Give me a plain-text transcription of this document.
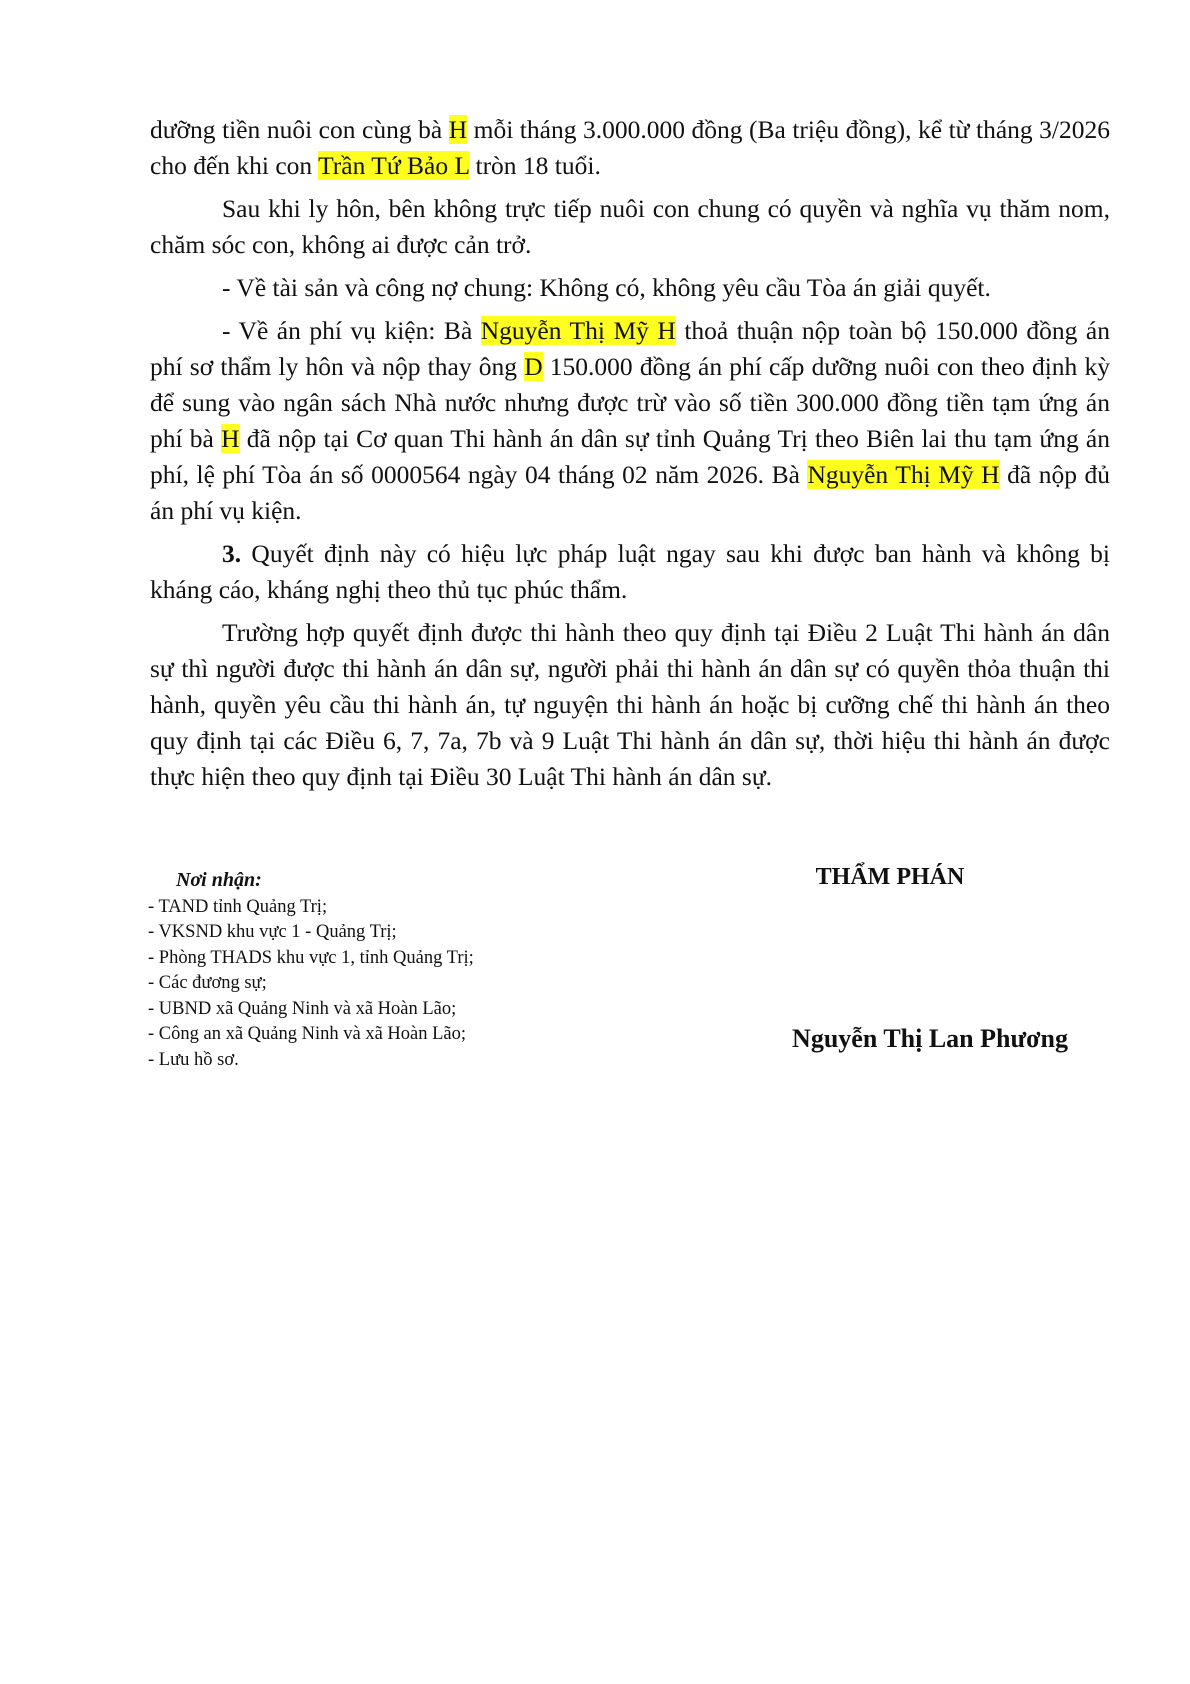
dưỡng tiền nuôi con cùng bà H mỗi tháng 3.000.000 đồng (Ba triệu đồng), kể từ tháng 3/2026 cho đến khi con Trần Tứ Bảo L tròn 18 tuổi.

Sau khi ly hôn, bên không trực tiếp nuôi con chung có quyền và nghĩa vụ thăm nom, chăm sóc con, không ai được cản trở.

- Về tài sản và công nợ chung: Không có, không yêu cầu Tòa án giải quyết.

- Về án phí vụ kiện: Bà Nguyễn Thị Mỹ H thoả thuận nộp toàn bộ 150.000 đồng án phí sơ thẩm ly hôn và nộp thay ông D 150.000 đồng án phí cấp dưỡng nuôi con theo định kỳ để sung vào ngân sách Nhà nước nhưng được trừ vào số tiền 300.000 đồng tiền tạm ứng án phí bà H đã nộp tại Cơ quan Thi hành án dân sự tỉnh Quảng Trị theo Biên lai thu tạm ứng án phí, lệ phí Tòa án số 0000564 ngày 04 tháng 02 năm 2026. Bà Nguyễn Thị Mỹ H đã nộp đủ án phí vụ kiện.

3. Quyết định này có hiệu lực pháp luật ngay sau khi được ban hành và không bị kháng cáo, kháng nghị theo thủ tục phúc thẩm.

Trường hợp quyết định được thi hành theo quy định tại Điều 2 Luật Thi hành án dân sự thì người được thi hành án dân sự, người phải thi hành án dân sự có quyền thỏa thuận thi hành, quyền yêu cầu thi hành án, tự nguyện thi hành án hoặc bị cưỡng chế thi hành án theo quy định tại các Điều 6, 7, 7a, 7b và 9 Luật Thi hành án dân sự, thời hiệu thi hành án được thực hiện theo quy định tại Điều 30 Luật Thi hành án dân sự.

Nơi nhận:
- TAND tỉnh Quảng Trị;
- VKSND khu vực 1 - Quảng Trị;
- Phòng THADS khu vực 1, tỉnh Quảng Trị;
- Các đương sự;
- UBND xã Quảng Ninh và xã Hoàn Lão;
- Công an xã Quảng Ninh và xã Hoàn Lão;
- Lưu hồ sơ.
THẨM PHÁN
Nguyễn Thị Lan Phương
